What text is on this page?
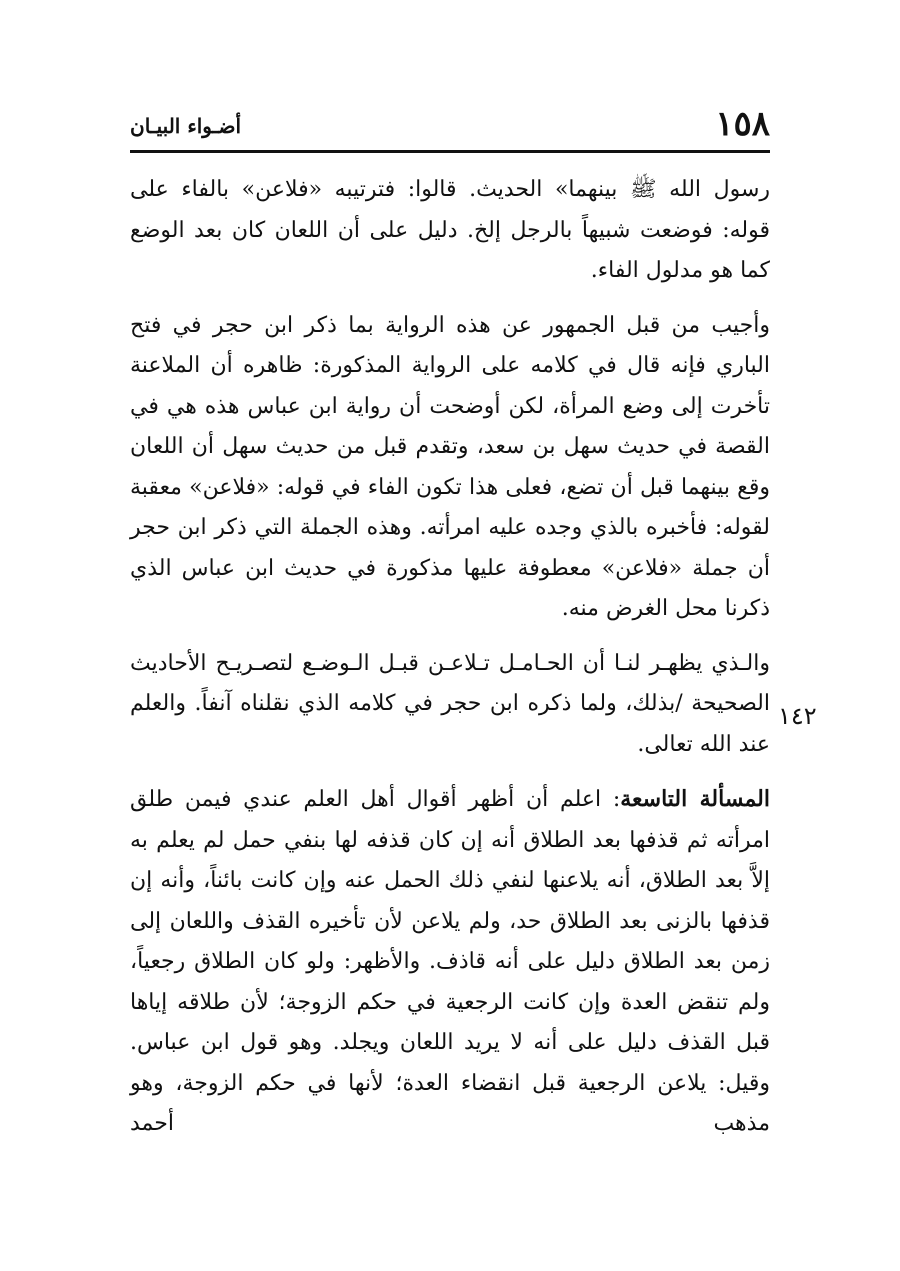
١٥٨
أضـواء البيـان
١٤٢

رسول الله ﷺ بينهما» الحديث. قالوا: فترتيبه «فلاعن» بالفاء على قوله: فوضعت شبيهاً بالرجل إلخ. دليل على أن اللعان كان بعد الوضع كما هو مدلول الفاء.

وأجيب من قبل الجمهور عن هذه الرواية بما ذكر ابن حجر في فتح الباري فإنه قال في كلامه على الرواية المذكورة: ظاهره أن الملاعنة تأخرت إلى وضع المرأة، لكن أوضحت أن رواية ابن عباس هذه هي في القصة في حديث سهل بن سعد، وتقدم قبل من حديث سهل أن اللعان وقع بينهما قبل أن تضع، فعلى هذا تكون الفاء في قوله: «فلاعن» معقبة لقوله: فأخبره بالذي وجده عليه امرأته. وهذه الجملة التي ذكر ابن حجر أن جملة «فلاعن» معطوفة عليها مذكورة في حديث ابن عباس الذي ذكرنا محل الغرض منه.

والـذي يظهـر لنـا أن الحـامـل تـلاعـن قبـل الـوضـع لتصـريـح الأحاديث الصحيحة /بذلك، ولما ذكره ابن حجر في كلامه الذي نقلناه آنفاً. والعلم عند الله تعالى.

المسألة التاسعة: اعلم أن أظهر أقوال أهل العلم عندي فيمن طلق امرأته ثم قذفها بعد الطلاق أنه إن كان قذفه لها بنفي حمل لم يعلم به إلاَّ بعد الطلاق، أنه يلاعنها لنفي ذلك الحمل عنه وإن كانت بائناً، وأنه إن قذفها بالزنى بعد الطلاق حد، ولم يلاعن لأن تأخيره القذف واللعان إلى زمن بعد الطلاق دليل على أنه قاذف. والأظهر: ولو كان الطلاق رجعياً، ولم تنقض العدة وإن كانت الرجعية في حكم الزوجة؛ لأن طلاقه إياها قبل القذف دليل على أنه لا يريد اللعان ويجلد. وهو قول ابن عباس. وقيل: يلاعن الرجعية قبل انقضاء العدة؛ لأنها في حكم الزوجة، وهو مذهب أحمد
